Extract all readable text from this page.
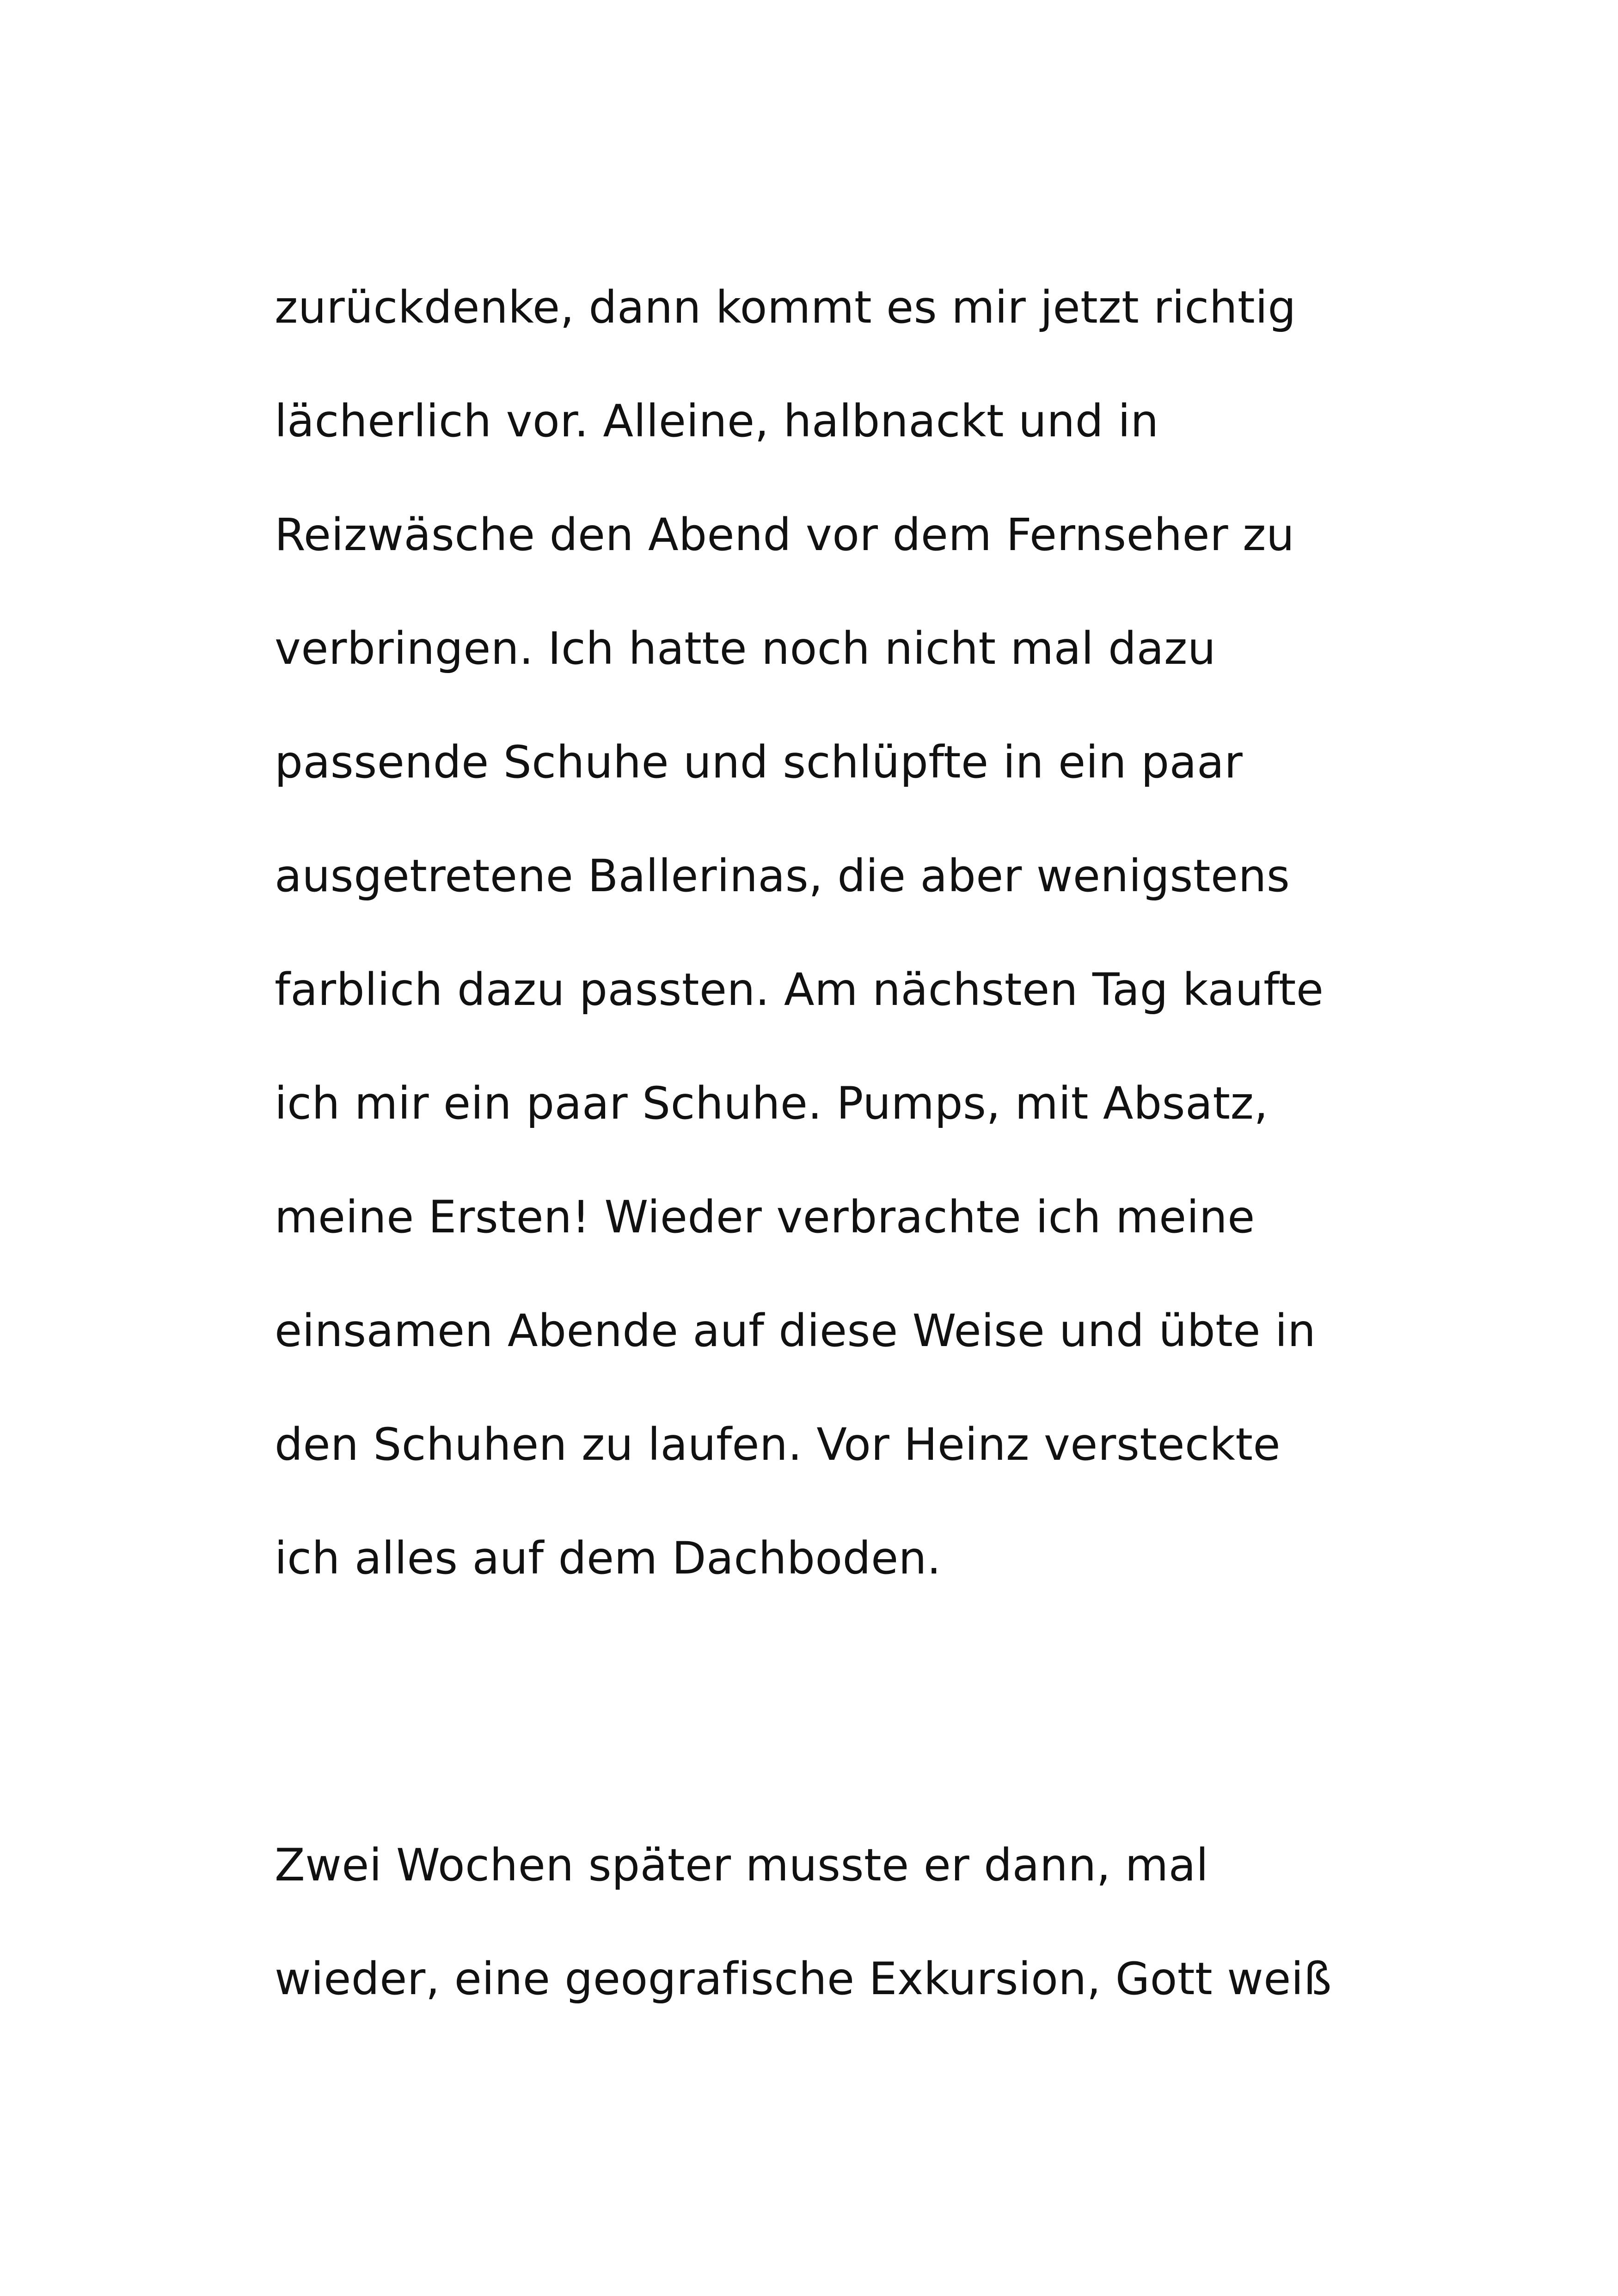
zurückdenke, dann kommt es mir jetzt richtig
lächerlich vor. Alleine, halbnackt und in
Reizwäsche den Abend vor dem Fernseher zu
verbringen. Ich hatte noch nicht mal dazu
passende Schuhe und schlüpfte in ein paar
ausgetretene Ballerinas, die aber wenigstens
farblich dazu passten. Am nächsten Tag kaufte
ich mir ein paar Schuhe. Pumps, mit Absatz,
meine Ersten! Wieder verbrachte ich meine
einsamen Abende auf diese Weise und übte in
den Schuhen zu laufen. Vor Heinz versteckte
ich alles auf dem Dachboden.
Zwei Wochen später musste er dann, mal
wieder, eine geografische Exkursion, Gott weiß
